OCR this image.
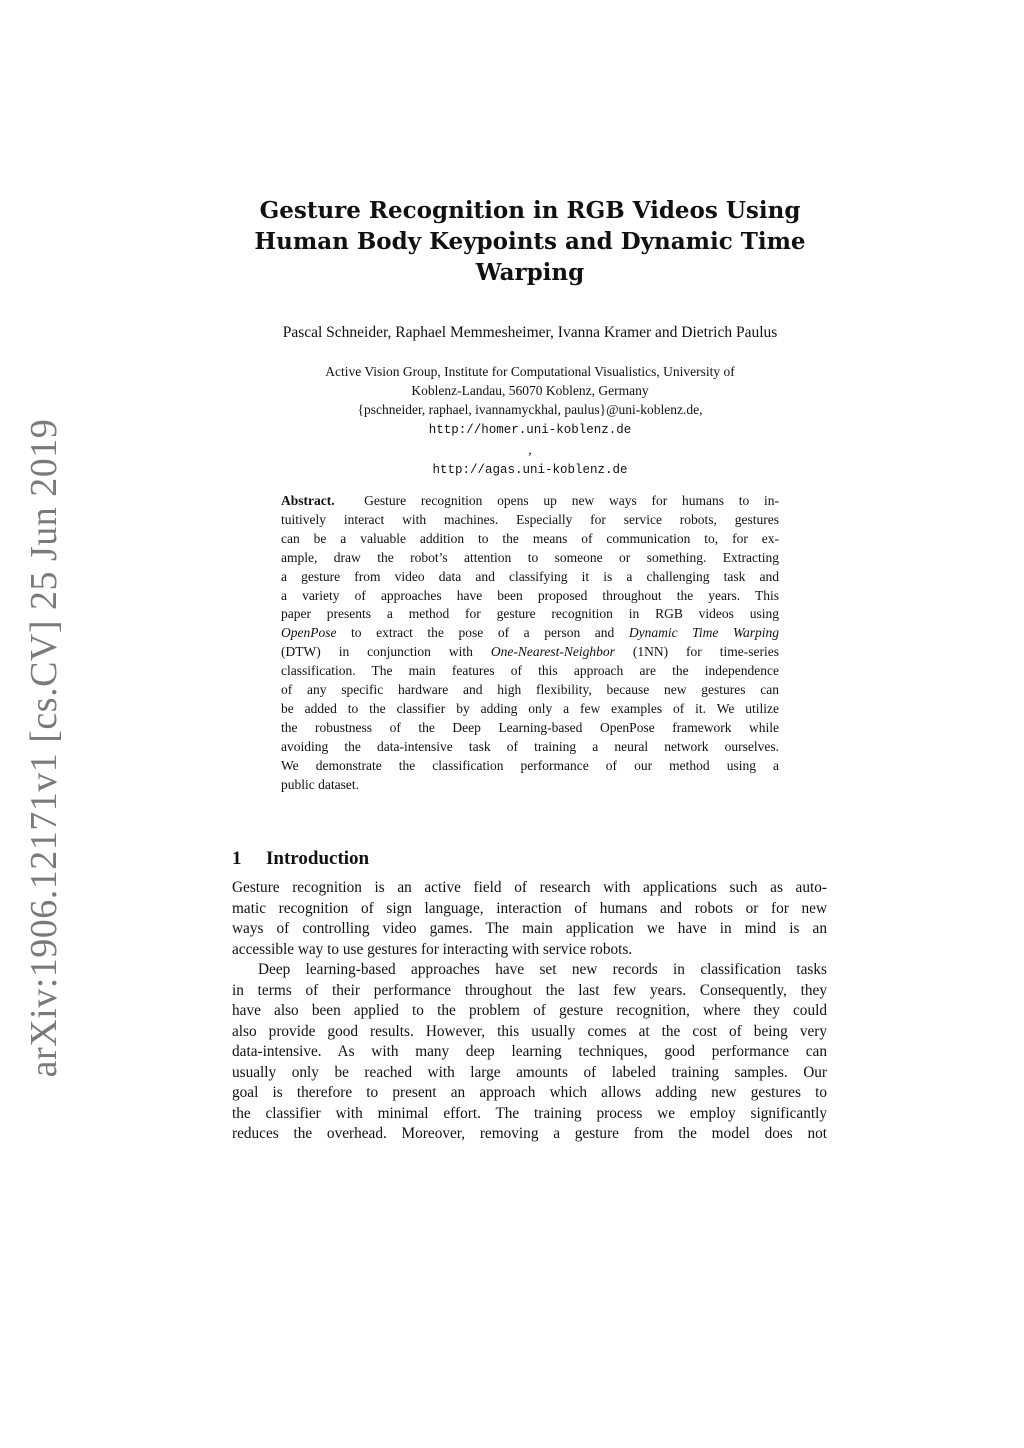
arXiv:1906.12171v1 [cs.CV] 25 Jun 2019
Gesture Recognition in RGB Videos Using
Human Body Keypoints and Dynamic Time
Warping
Pascal Schneider, Raphael Memmesheimer, Ivanna Kramer and Dietrich Paulus
Active Vision Group, Institute for Computational Visualistics, University of
Koblenz-Landau, 56070 Koblenz, Germany
{pschneider, raphael, ivannamyckhal, paulus}@uni-koblenz.de,
http://homer.uni-koblenz.de
,
http://agas.uni-koblenz.de
Abstract. Gesture recognition opens up new ways for humans to in-
tuitively interact with machines. Especially for service robots, gestures
can be a valuable addition to the means of communication to, for ex-
ample, draw the robot’s attention to someone or something. Extracting
a gesture from video data and classifying it is a challenging task and
a variety of approaches have been proposed throughout the years. This
paper presents a method for gesture recognition in RGB videos using
OpenPose to extract the pose of a person and Dynamic Time Warping
(DTW) in conjunction with One-Nearest-Neighbor (1NN) for time-series
classification. The main features of this approach are the independence
of any specific hardware and high flexibility, because new gestures can
be added to the classifier by adding only a few examples of it. We utilize
the robustness of the Deep Learning-based OpenPose framework while
avoiding the data-intensive task of training a neural network ourselves.
We demonstrate the classification performance of our method using a
public dataset.
1 Introduction
Gesture recognition is an active field of research with applications such as auto-
matic recognition of sign language, interaction of humans and robots or for new
ways of controlling video games. The main application we have in mind is an
accessible way to use gestures for interacting with service robots.
Deep learning-based approaches have set new records in classification tasks
in terms of their performance throughout the last few years. Consequently, they
have also been applied to the problem of gesture recognition, where they could
also provide good results. However, this usually comes at the cost of being very
data-intensive. As with many deep learning techniques, good performance can
usually only be reached with large amounts of labeled training samples. Our
goal is therefore to present an approach which allows adding new gestures to
the classifier with minimal effort. The training process we employ significantly
reduces the overhead. Moreover, removing a gesture from the model does not
